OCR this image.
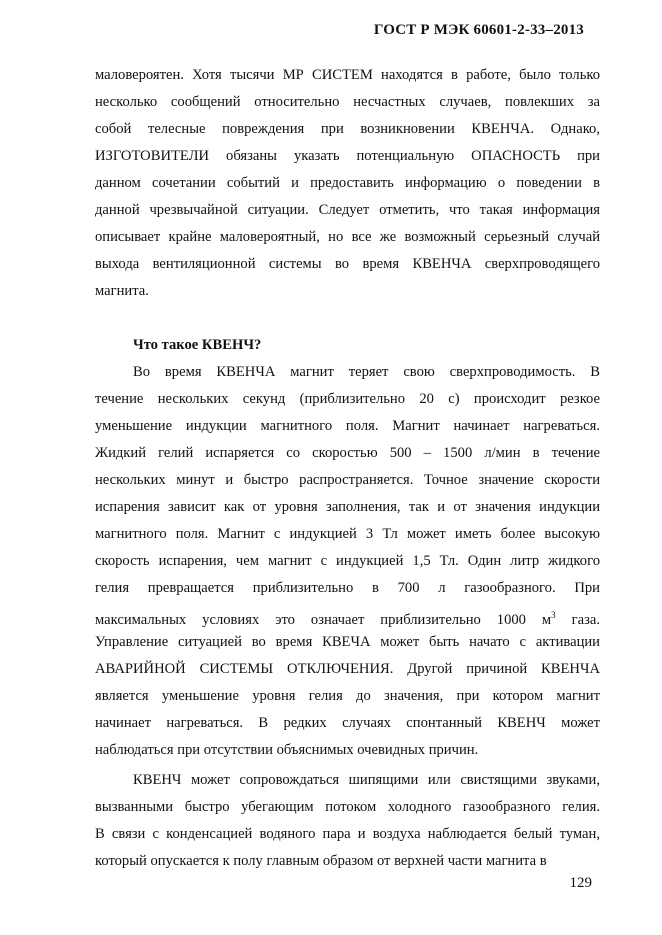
ГОСТ Р МЭК 60601-2-33–2013
маловероятен. Хотя тысячи МР СИСТЕМ находятся в работе, было только
несколько сообщений относительно несчастных случаев, повлекших за
собой телесные повреждения при возникновении КВЕНЧА. Однако,
ИЗГОТОВИТЕЛИ обязаны указать потенциальную ОПАСНОСТЬ при
данном сочетании событий и предоставить информацию о поведении в
данной чрезвычайной ситуации. Следует отметить, что такая информация
описывает крайне маловероятный, но все же возможный серьезный случай
выхода вентиляционной системы во время КВЕНЧА сверхпроводящего
магнита.
Что такое КВЕНЧ?
Во время КВЕНЧА магнит теряет свою сверхпроводимость. В
течение нескольких секунд (приблизительно 20 с) происходит резкое
уменьшение индукции магнитного поля. Магнит начинает нагреваться.
Жидкий гелий испаряется со скоростью 500 – 1500 л/мин в течение
нескольких минут и быстро распространяется. Точное значение скорости
испарения зависит как от уровня заполнения, так и от значения индукции
магнитного поля. Магнит с индукцией 3 Тл может иметь более высокую
скорость испарения, чем магнит с индукцией 1,5 Тл. Один литр жидкого
гелия превращается приблизительно в 700 л газообразного. При
максимальных условиях это означает приблизительно 1000 $м^3$ газа.
Управление ситуацией во время КВЕЧА может быть начато с активации
АВАРИЙНОЙ СИСТЕМЫ ОТКЛЮЧЕНИЯ. Другой причиной КВЕНЧА
является уменьшение уровня гелия до значения, при котором магнит
начинает нагреваться. В редких случаях спонтанный КВЕНЧ может
наблюдаться при отсутствии объяснимых очевидных причин.
КВЕНЧ может сопровождаться шипящими или свистящими звуками,
вызванными быстро убегающим потоком холодного газообразного гелия.
В связи с конденсацией водяного пара и воздуха наблюдается белый туман,
который опускается к полу главным образом от верхней части магнита в
129
